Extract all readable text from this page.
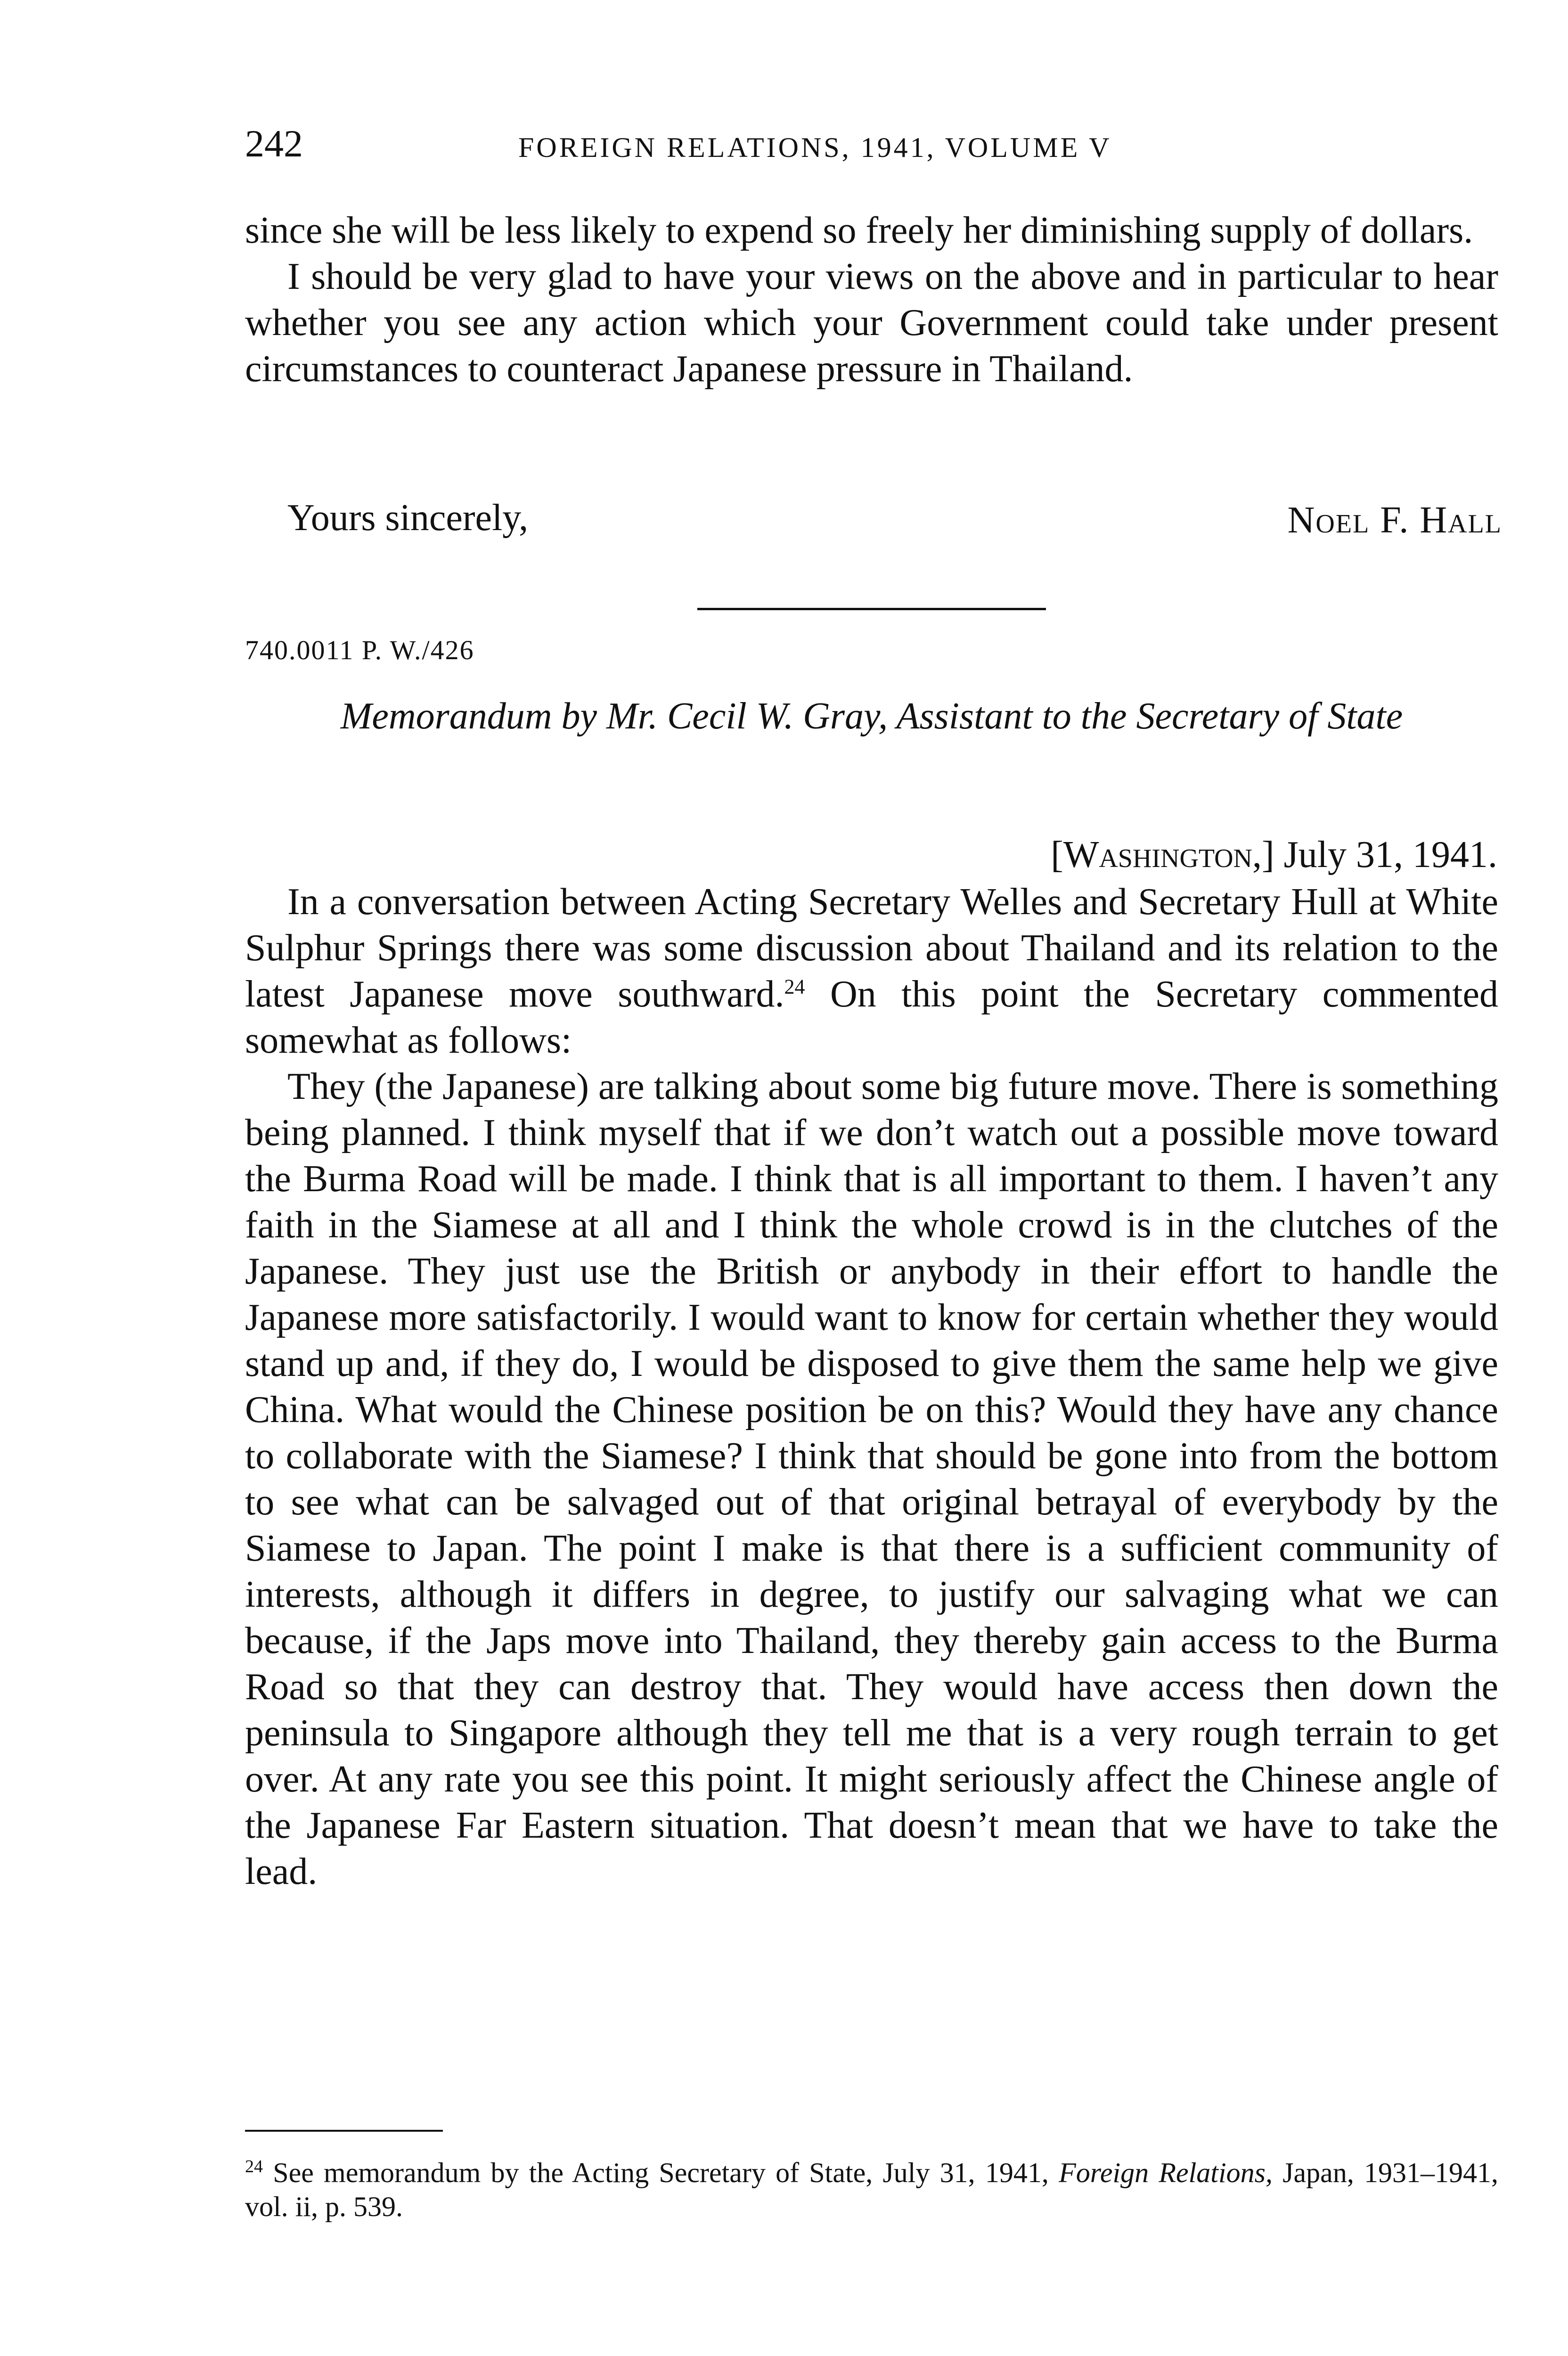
242	FOREIGN RELATIONS, 1941, VOLUME V

since she will be less likely to expend so freely her diminishing supply of dollars.

I should be very glad to have your views on the above and in particular to hear whether you see any action which your Government could take under present circumstances to counteract Japanese pressure in Thailand.

Yours sincerely,	Noel F. Hall
740.0011 P. W./426
Memorandum by Mr. Cecil W. Gray, Assistant to the Secretary of State
[Washington,] July 31, 1941.

In a conversation between Acting Secretary Welles and Secretary Hull at White Sulphur Springs there was some discussion about Thailand and its relation to the latest Japanese move southward.$^{24}$ On this point the Secretary commented somewhat as follows:

They (the Japanese) are talking about some big future move. There is something being planned. I think myself that if we don’t watch out a possible move toward the Burma Road will be made. I think that is all important to them. I haven’t any faith in the Siamese at all and I think the whole crowd is in the clutches of the Japanese. They just use the British or anybody in their effort to handle the Japanese more satisfactorily. I would want to know for certain whether they would stand up and, if they do, I would be disposed to give them the same help we give China. What would the Chinese position be on this? Would they have any chance to collaborate with the Siamese? I think that should be gone into from the bottom to see what can be salvaged out of that original betrayal of everybody by the Siamese to Japan. The point I make is that there is a sufficient community of interests, although it differs in degree, to justify our salvaging what we can because, if the Japs move into Thailand, they thereby gain access to the Burma Road so that they can destroy that. They would have access then down the peninsula to Singapore although they tell me that is a very rough terrain to get over. At any rate you see this point. It might seriously affect the Chinese angle of the Japanese Far Eastern situation. That doesn’t mean that we have to take the lead.

$^{24}$ See memorandum by the Acting Secretary of State, July 31, 1941, Foreign Relations, Japan, 1931–1941, vol. ii, p. 539.
